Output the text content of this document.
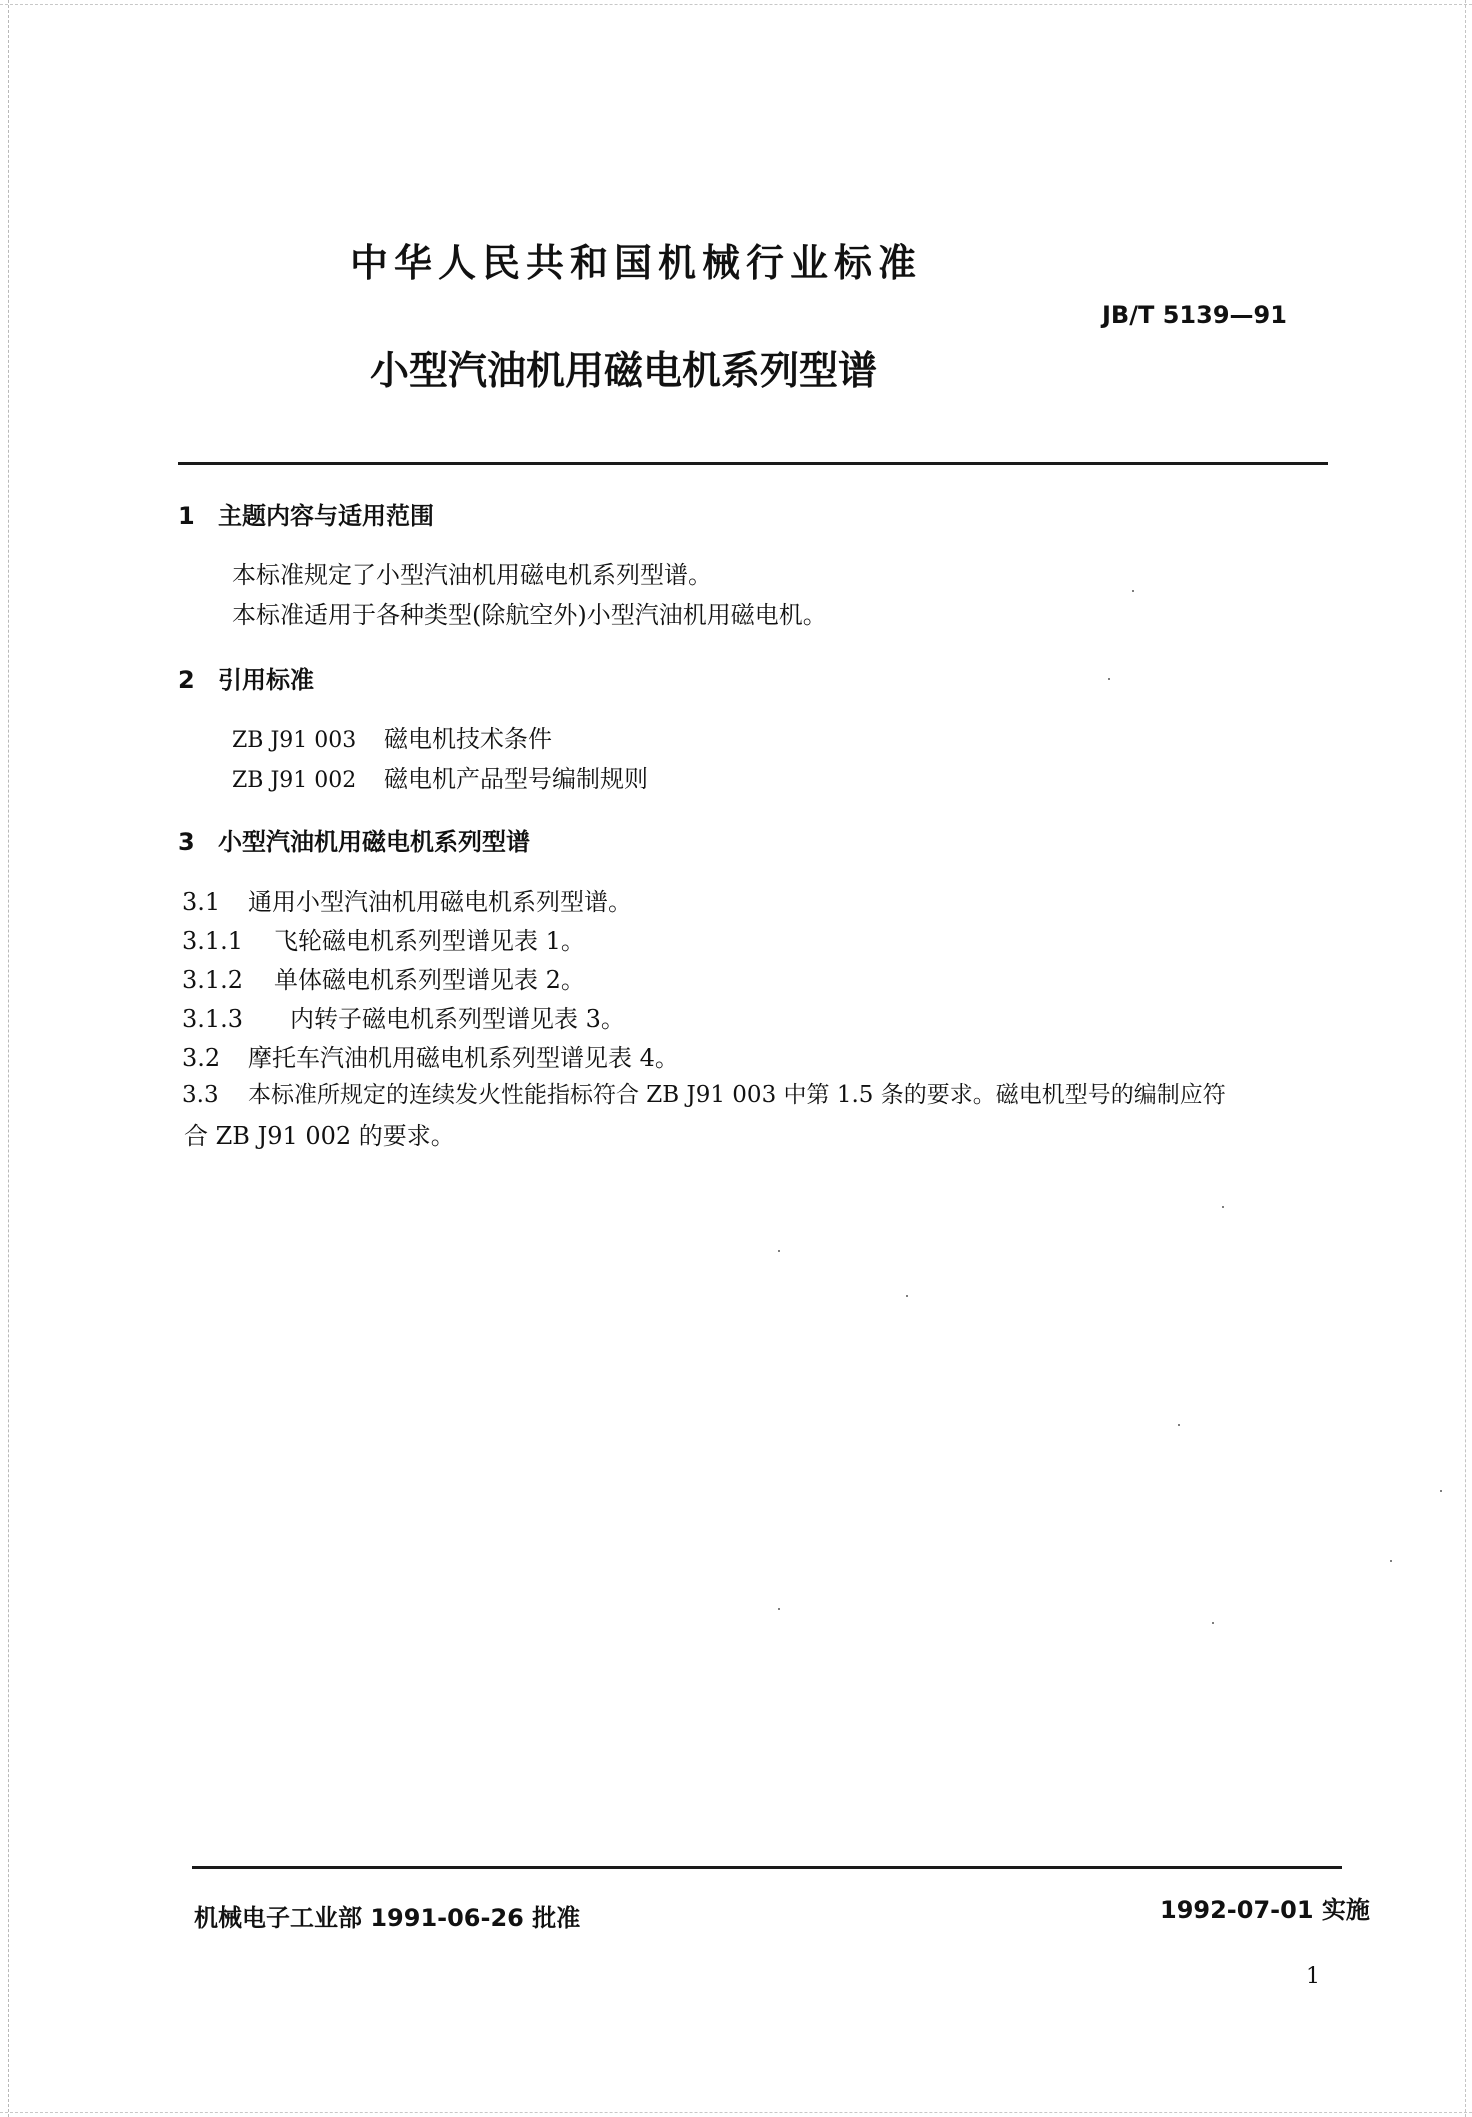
中华人民共和国机械行业标准
JB/T 5139—91
小型汽油机用磁电机系列型谱
1 主题内容与适用范围
本标准规定了小型汽油机用磁电机系列型谱。
本标准适用于各种类型(除航空外)小型汽油机用磁电机。
2 引用标准
ZB J91 003 磁电机技术条件
ZB J91 002 磁电机产品型号编制规则
3 小型汽油机用磁电机系列型谱
3.1 通用小型汽油机用磁电机系列型谱。
3.1.1 飞轮磁电机系列型谱见表 1。
3.1.2 单体磁电机系列型谱见表 2。
3.1.3 内转子磁电机系列型谱见表 3。
3.2 摩托车汽油机用磁电机系列型谱见表 4。
3.3 本标准所规定的连续发火性能指标符合 ZB J91 003 中第 1.5 条的要求。磁电机型号的编制应符
合 ZB J91 002 的要求。
机械电子工业部 1991-06-26 批准	1992-07-01 实施
1
